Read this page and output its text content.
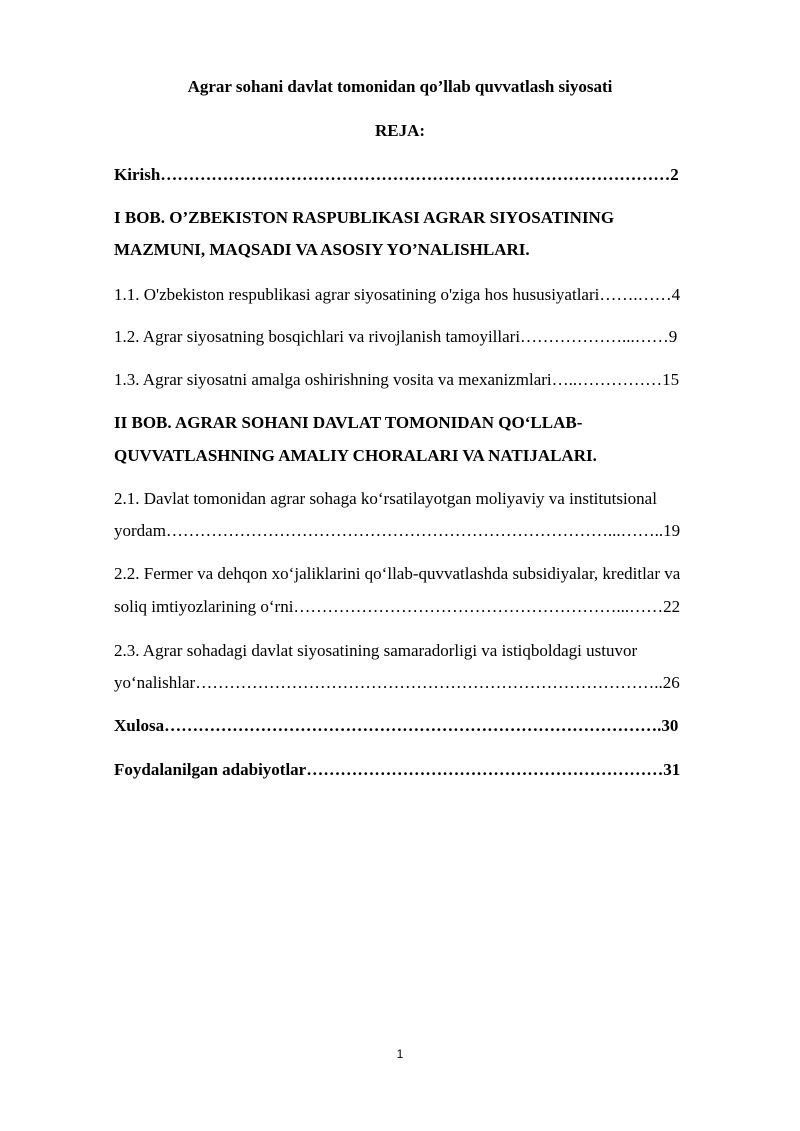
Agrar sohani davlat tomonidan qo’llab quvvatlash siyosati

REJA:

Kirish………………………………………………………………………………2

I BOB. O’ZBEKISTON RASPUBLIKASI AGRAR SIYOSATINING

MAZMUNI, MAQSADI VA ASOSIY YO’NALISHLARI.

1.1. O'zbekiston respublikasi agrar siyosatining o'ziga hos hususiyatlari…….……4

1.2. Agrar siyosatning bosqichlari va rivojlanish tamoyillari………………...……9

1.3. Agrar siyosatni amalga oshirishning vosita va mexanizmlari…..……………15

II BOB. AGRAR SOHANI DAVLAT TOMONIDAN QO‘LLAB-

QUVVATLASHNING AMALIY CHORALARI VA NATIJALARI.

2.1. Davlat tomonidan agrar sohaga ko‘rsatilayotgan moliyaviy va institutsional

yordam……………………………………………………………………...……..19

2.2. Fermer va dehqon xo‘jaliklarini qo‘llab-quvvatlashda subsidiyalar, kreditlar va

soliq imtiyozlarining o‘rni…………………………………………………...……22

2.3. Agrar sohadagi davlat siyosatining samaradorligi va istiqboldagi ustuvor

yo‘nalishlar………………………………………………………………………..26

Xulosa…………………………………………………………………………….30

Foydalanilgan adabiyotlar………………………………………………………31

1
